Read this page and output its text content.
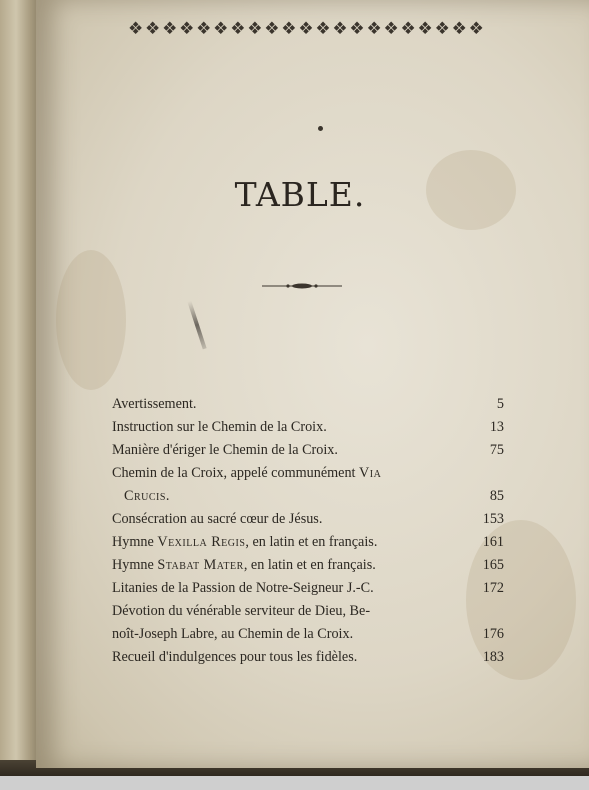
❖ ❖ ❖ ❖ ❖ ❖ ❖ ❖ ❖ ❖ ❖ ❖ ❖ ❖ ❖ ❖ ❖ ❖ ❖ ❖ ❖
TABLE.
Avertissement.	5
Instruction sur le Chemin de la Croix.	13
Manière d'ériger le Chemin de la Croix.	75
Chemin de la Croix, appelé communément Via
Crucis.	85
Consécration au sacré cœur de Jésus.	153
Hymne Vexilla Regis, en latin et en français.	161
Hymne Stabat Mater, en latin et en français.	165
Litanies de la Passion de Notre-Seigneur J.-C.	172
Dévotion du vénérable serviteur de Dieu, Be-
noît-Joseph Labre, au Chemin de la Croix.	176
Recueil d'indulgences pour tous les fidèles.	183
